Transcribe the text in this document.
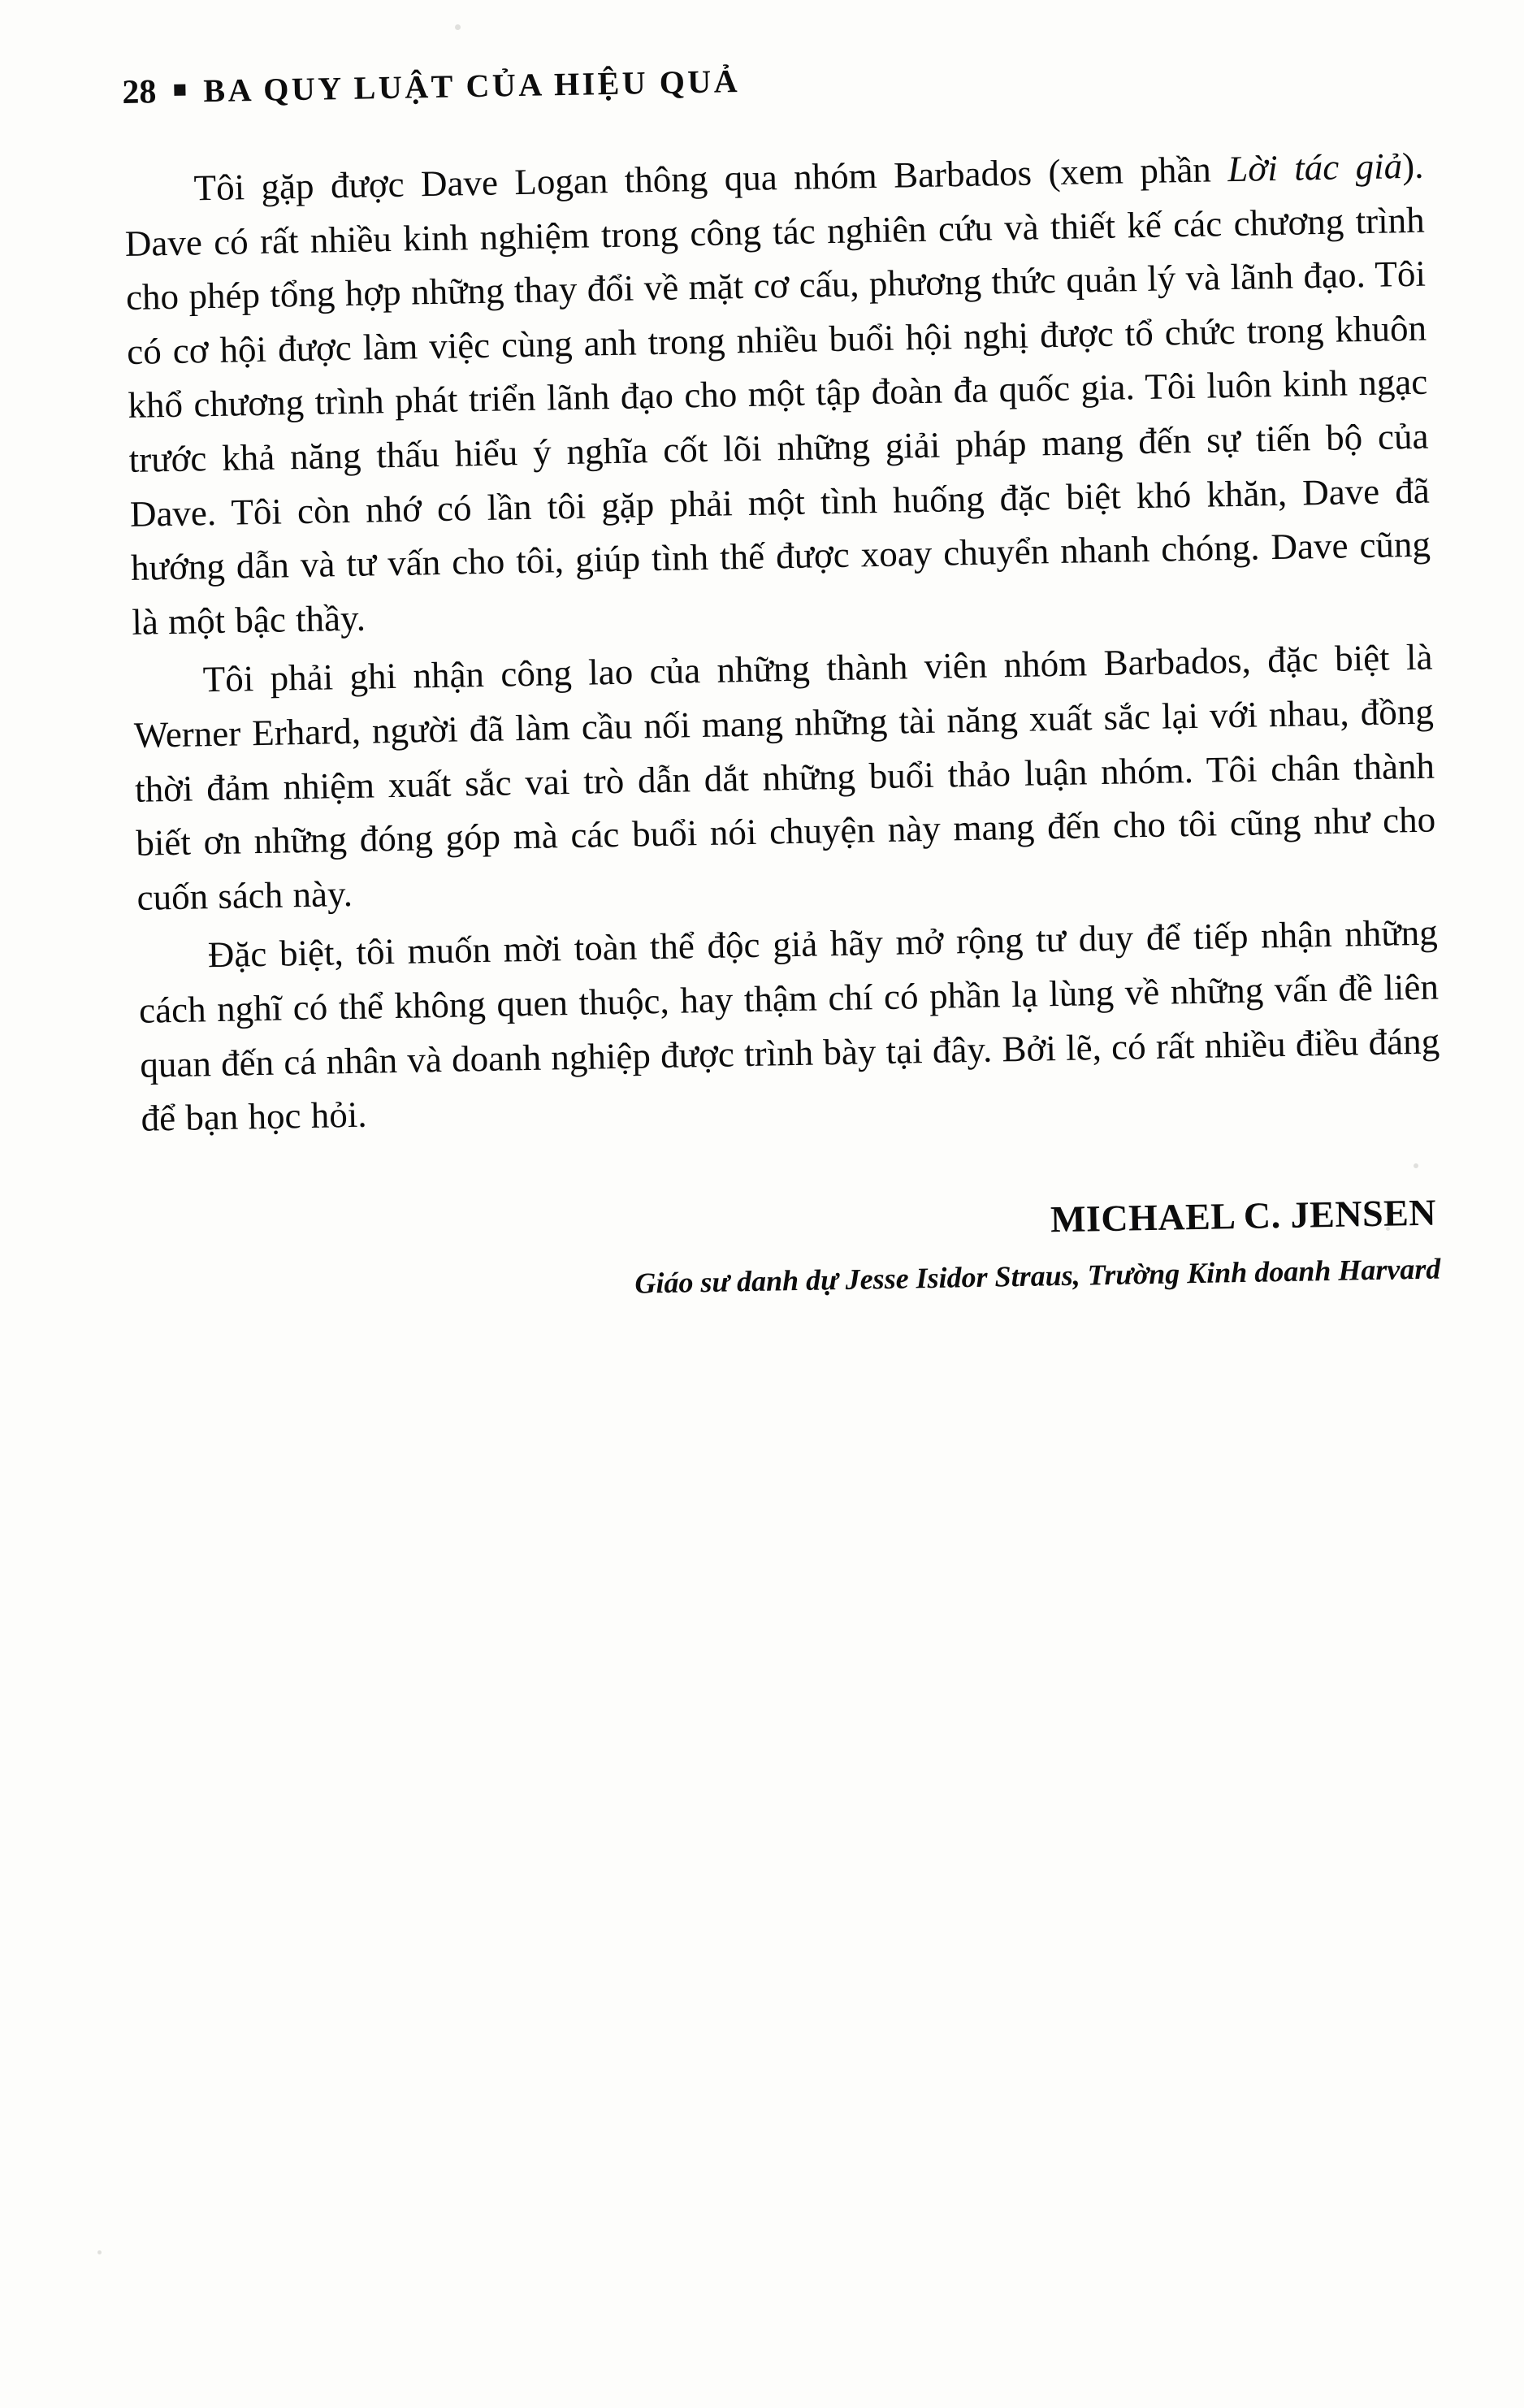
28 BA QUY LUẬT CỦA HIỆU QUẢ

Tôi gặp được Dave Logan thông qua nhóm Barbados (xem phần Lời tác giả). Dave có rất nhiều kinh nghiệm trong công tác nghiên cứu và thiết kế các chương trình cho phép tổng hợp những thay đổi về mặt cơ cấu, phương thức quản lý và lãnh đạo. Tôi có cơ hội được làm việc cùng anh trong nhiều buổi hội nghị được tổ chức trong khuôn khổ chương trình phát triển lãnh đạo cho một tập đoàn đa quốc gia. Tôi luôn kinh ngạc trước khả năng thấu hiểu ý nghĩa cốt lõi những giải pháp mang đến sự tiến bộ của Dave. Tôi còn nhớ có lần tôi gặp phải một tình huống đặc biệt khó khăn, Dave đã hướng dẫn và tư vấn cho tôi, giúp tình thế được xoay chuyển nhanh chóng. Dave cũng là một bậc thầy.

Tôi phải ghi nhận công lao của những thành viên nhóm Barbados, đặc biệt là Werner Erhard, người đã làm cầu nối mang những tài năng xuất sắc lại với nhau, đồng thời đảm nhiệm xuất sắc vai trò dẫn dắt những buổi thảo luận nhóm. Tôi chân thành biết ơn những đóng góp mà các buổi nói chuyện này mang đến cho tôi cũng như cho cuốn sách này.

Đặc biệt, tôi muốn mời toàn thể độc giả hãy mở rộng tư duy để tiếp nhận những cách nghĩ có thể không quen thuộc, hay thậm chí có phần lạ lùng về những vấn đề liên quan đến cá nhân và doanh nghiệp được trình bày tại đây. Bởi lẽ, có rất nhiều điều đáng để bạn học hỏi.

MICHAEL C. JENSEN
Giáo sư danh dự Jesse Isidor Straus, Trường Kinh doanh Harvard
